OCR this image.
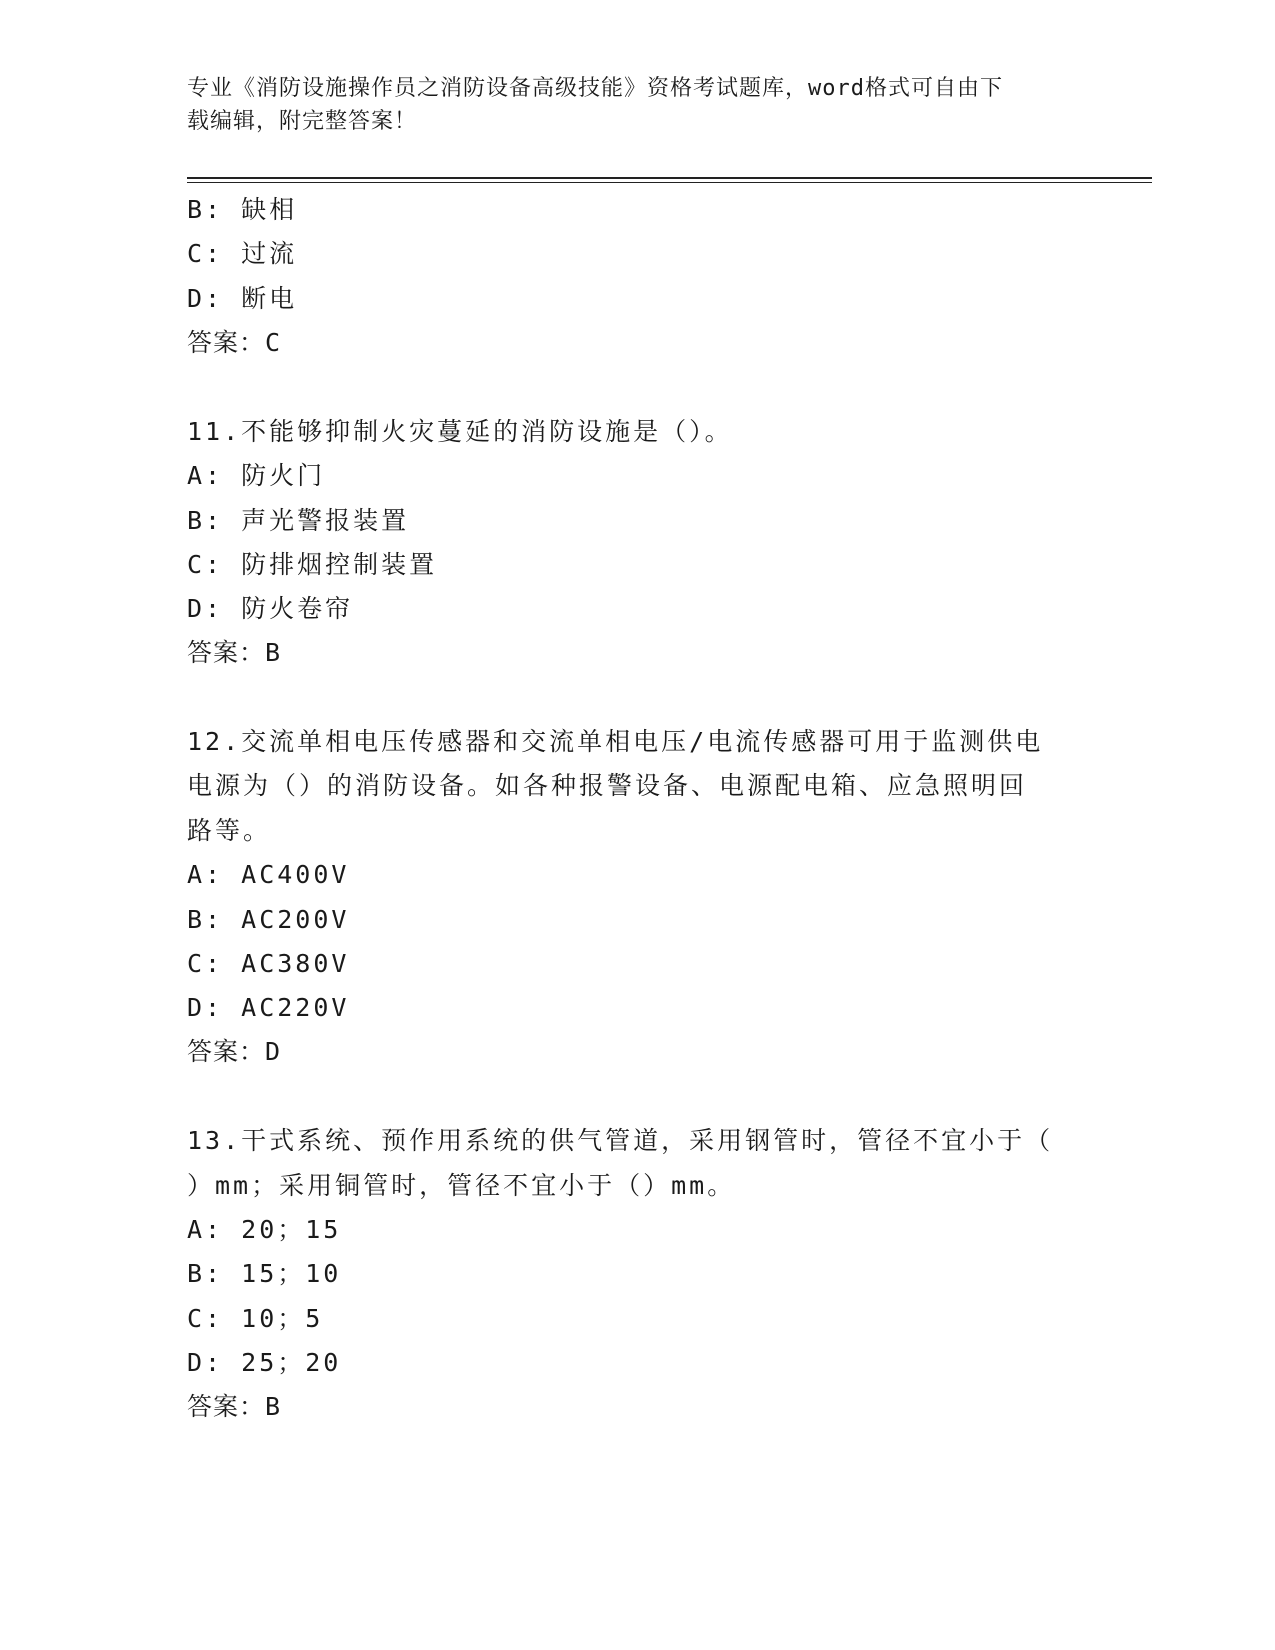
专业《消防设施操作员之消防设备高级技能》资格考试题库，word格式可自由下
载编辑，附完整答案！
B: 缺相
C: 过流
D: 断电
答案：C
11.不能够抑制火灾蔓延的消防设施是（）。
A: 防火门
B: 声光警报装置
C: 防排烟控制装置
D: 防火卷帘
答案：B
12.交流单相电压传感器和交流单相电压/电流传感器可用于监测供电
电源为（）的消防设备。如各种报警设备、电源配电箱、应急照明回
路等。
A: AC400V
B: AC200V
C: AC380V
D: AC220V
答案：D
13.干式系统、预作用系统的供气管道，采用钢管时，管径不宜小于（
）mm；采用铜管时，管径不宜小于（）mm。
A: 20；15
B: 15；10
C: 10；5
D: 25；20
答案：B
